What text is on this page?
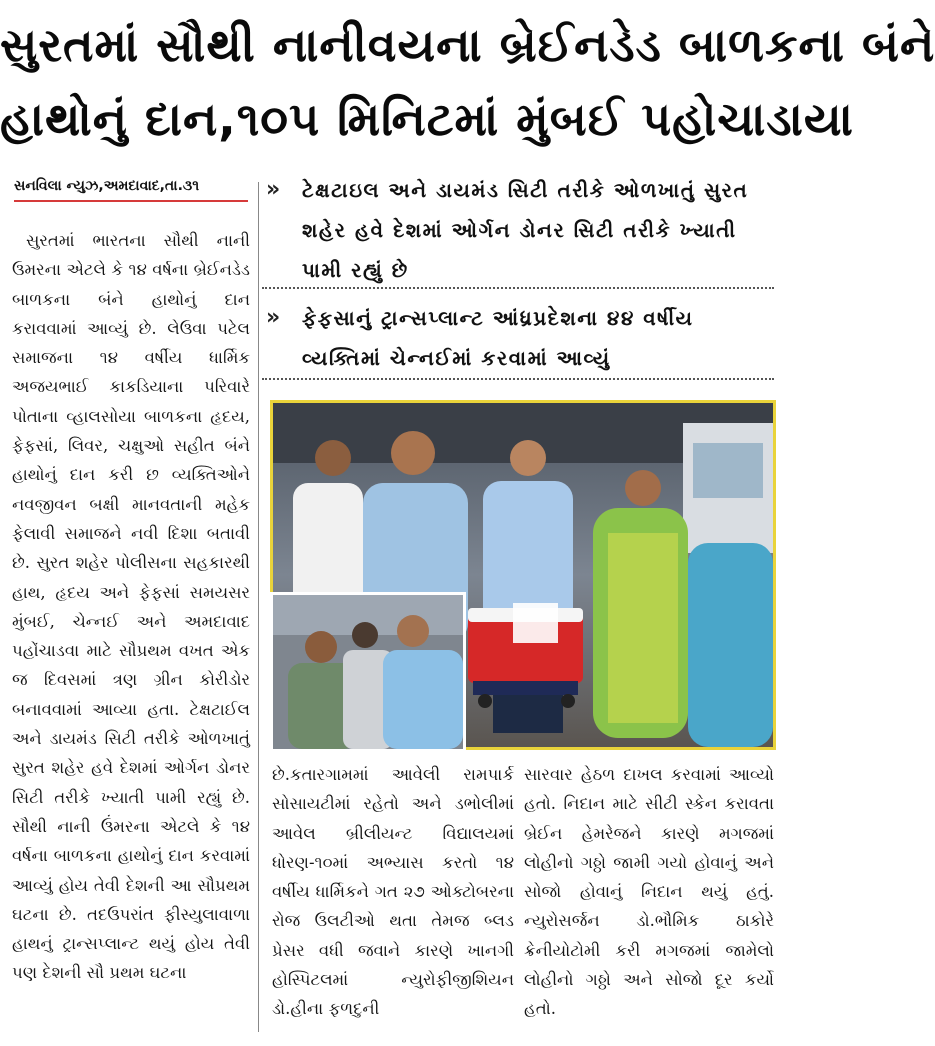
સુરતમાં સૌથી નાનીવયના બ્રેઈનડેડ બાળકના બંને
હાથોનું દાન,૧૦૫ મિનિટમાં મુંબઈ પહોચાડાયા
સનવિલા ન્યુઝ,અમદાવાદ,તા.૩૧	» ટેક્ષટાઇલ અને ડાયમંડ સિટી તરીકે ઓળખાતું સુરત શહેર હવે દેશમાં ઓર્ગન ડોનર સિટી તરીકે ખ્યાતી પામી રહ્યું છે
» ફેફસાનું ટ્રાન્સપ્લાન્ટ આંધ્રપ્રદેશના ૪૪ વર્ષીય વ્યક્તિમાં ચેન્નઈમાં કરવામાં આવ્યું

સુરતમાં ભારતના સૌથી નાની ઉમરના એટલે કે ૧૪ વર્ષના બ્રેઈનડેડ બાળકના બંને હાથોનું દાન કરાવવામાં આવ્યું છે. લેઉવા પટેલ સમાજના ૧૪ વર્ષીય ધાર્મિક અજયભાઈ કાકડિયાના પરિવારે પોતાના વ્હાલસોયા બાળકના હૃદય, ફેફસાં, લિવર, ચક્ષુઓ સહીત બંને હાથોનું દાન કરી છ વ્યક્તિઓને નવજીવન બક્ષી માનવતાની મહેક ફેલાવી સમાજને નવી દિશા બતાવી છે. સુરત શહેર પોલીસના સહકારથી હાથ, હૃદય અને ફેફસાં સમયસર મુંબઈ, ચેન્નઈ અને અમદાવાદ પહોંચાડવા માટે સૌપ્રથમ વખત એક જ દિવસમાં ત્રણ ગ્રીન કોરીડોર બનાવવામાં આવ્યા હતા. ટેક્ષટાઈલ અને ડાયમંડ સિટી તરીકે ઓળખાતું સુરત શહેર હવે દેશમાં ઓર્ગન ડોનર સિટી તરીકે ખ્યાતી પામી રહ્યું છે. સૌથી નાની ઉંમરના એટલે કે ૧૪ વર્ષના બાળકના હાથોનું દાન કરવામાં આવ્યું હોય તેવી દેશની આ સૌપ્રથમ ઘટના છે. તદઉપરાંત ફીસ્યુલાવાળા હાથનું ટ્રાન્સપ્લાન્ટ થયું હોય તેવી પણ દેશની સૌ પ્રથમ ઘટના

છે.કતારગામમાં આવેલી રામપાર્ક સોસાયટીમાં રહેતો અને ડભોલીમાં આવેલ બ્રીલીયન્ટ વિદ્યાલયમાં ધોરણ-૧૦માં અભ્યાસ કરતો ૧૪ વર્ષીય ધાર્મિકને ગત ૨૭ ઓક્ટોબરના રોજ ઉલટીઓ થતા તેમજ બ્લડ પ્રેસર વધી જવાને કારણે ખાનગી હોસ્પિટલમાં ન્યુરોફીજીશિયન ડો.હીના ફળદુની

સારવાર હેઠળ દાખલ કરવામાં આવ્યો હતો. નિદાન માટે સીટી સ્કેન કરાવતા બ્રેઈન હેમરેજને કારણે મગજમાં લોહીનો ગઠ્ઠો જામી ગયો હોવાનું અને સોજો હોવાનું નિદાન થયું હતું. ન્યુરોસર્જન ડો.ભૌમિક ઠાકોરે ક્રેનીયોટોમી કરી મગજમાં જામેલો લોહીનો ગઠ્ઠો અને સોજો દૂર કર્યો હતો.
